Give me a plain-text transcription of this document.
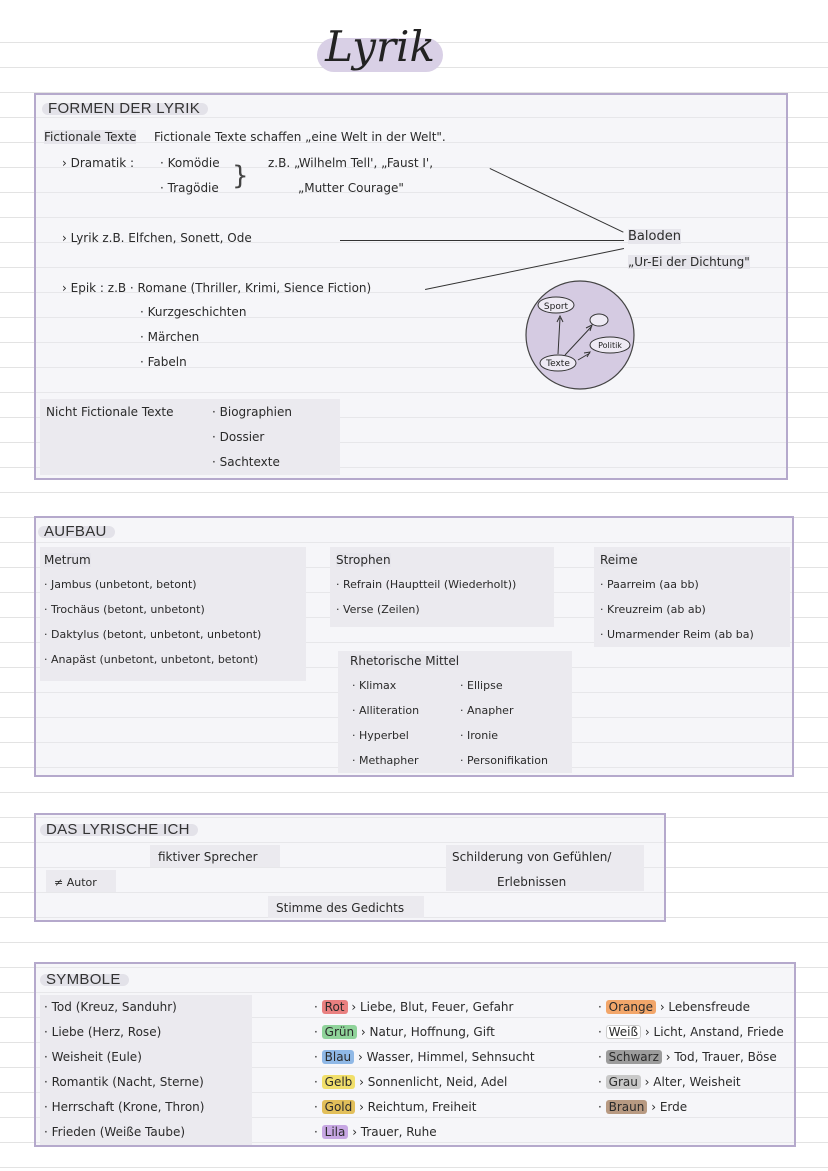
Lyrik
FORMEN DER LYRIK
Fictionale Texte Fictionale Texte schaffen „eine Welt in der Welt".
› Dramatik : · Komödie
· Tragödie } z.B. „Wilhelm Tell', „Faust I',
„Mutter Courage"
› Lyrik z.B. Elfchen, Sonett, Ode
› Epik : z.B · Romane (Thriller, Krimi, Sience Fiction)
· Kurzgeschichten
· Märchen
· Fabeln
Baloden
„Ur-Ei der Dichtung"
Sport
Politik
Texte
Nicht Fictionale Texte	· Biographien
· Dossier
· Sachtexte
AUFBAU
Metrum
· Jambus (unbetont, betont)
· Trochäus (betont, unbetont)
· Daktylus (betont, unbetont, unbetont)
· Anapäst (unbetont, unbetont, betont)
Strophen
· Refrain (Hauptteil (Wiederholt))
· Verse (Zeilen)
Reime
· Paarreim (aa bb)
· Kreuzreim (ab ab)
· Umarmender Reim (ab ba)
Rhetorische Mittel
· Klimax
· Alliteration
· Hyperbel
· Methapher
· Ellipse
· Anapher
· Ironie
· Personifikation
DAS LYRISCHE ICH
fiktiver Sprecher
≠ Autor
Stimme des Gedichts
Schilderung von Gefühlen/
Erlebnissen
SYMBOLE
· Tod (Kreuz, Sanduhr)
· Liebe (Herz, Rose)
· Weisheit (Eule)
· Romantik (Nacht, Sterne)
· Herrschaft (Krone, Thron)
· Frieden (Weiße Taube)
· Rot › Liebe, Blut, Feuer, Gefahr
· Grün › Natur, Hoffnung, Gift
· Blau › Wasser, Himmel, Sehnsucht
· Gelb › Sonnenlicht, Neid, Adel
· Gold › Reichtum, Freiheit
· Lila › Trauer, Ruhe
· Orange › Lebensfreude
· Weiß › Licht, Anstand, Friede
· Schwarz › Tod, Trauer, Böse
· Grau › Alter, Weisheit
· Braun › Erde
